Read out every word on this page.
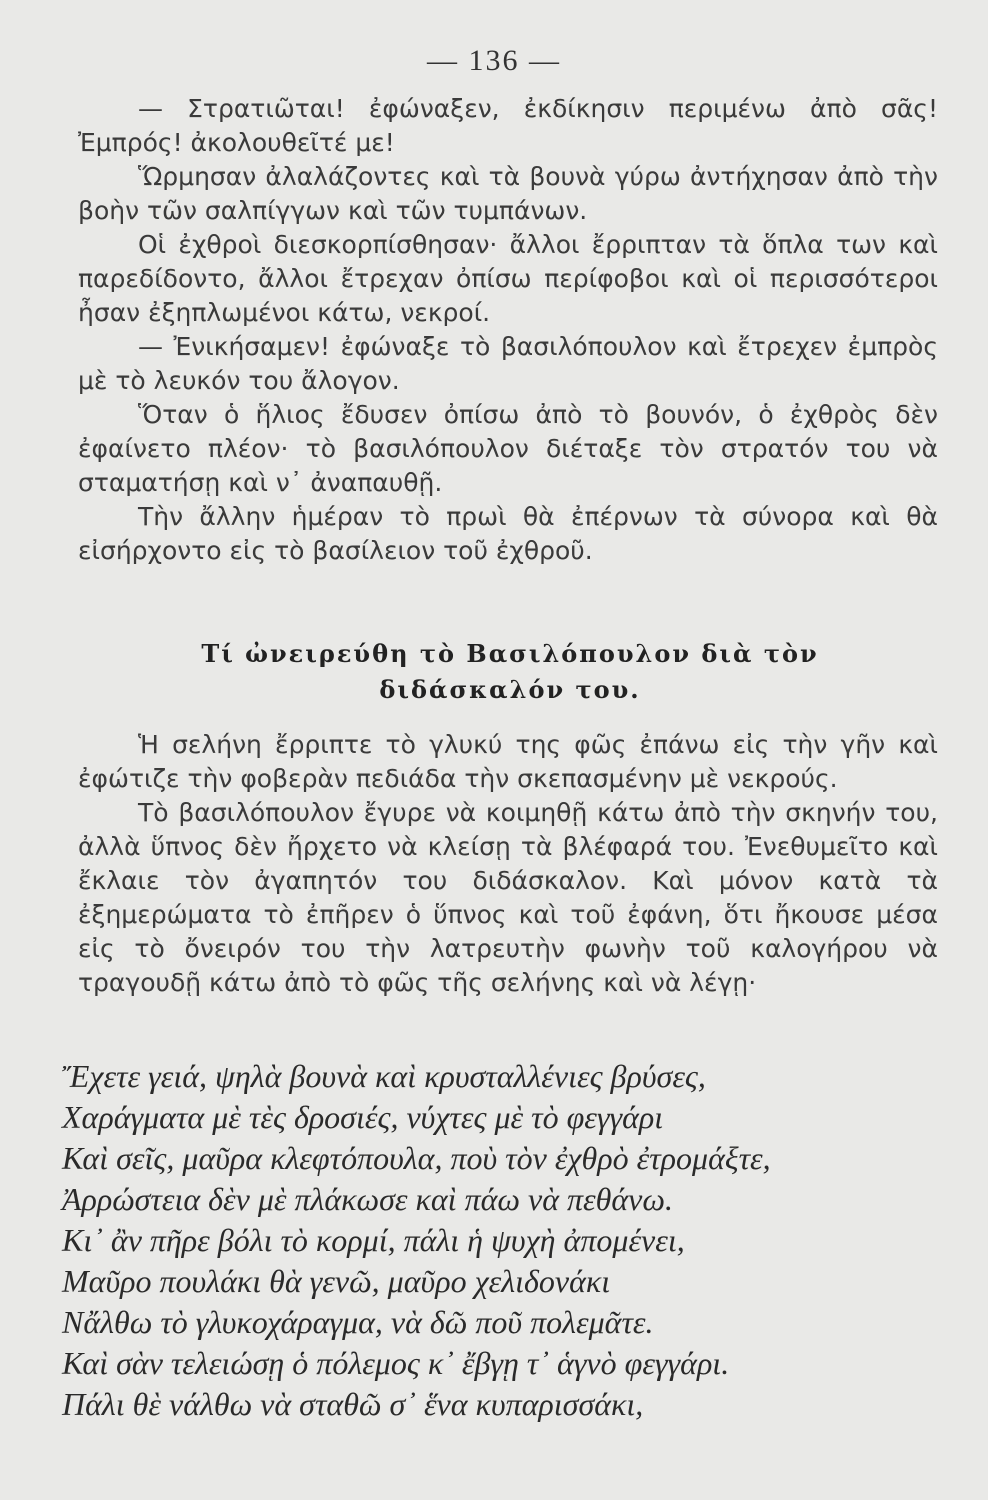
— 136 —

— Στρατιῶται! ἐφώναξεν, ἐκδίκησιν περιμένω ἀπὸ σᾶς! Ἐμπρός! ἀκολουθεῖτέ με!

Ὥρμησαν ἀλαλάζοντες καὶ τὰ βουνὰ γύρω ἀντήχησαν ἀπὸ τὴν βοὴν τῶν σαλπίγγων καὶ τῶν τυμπάνων.

Οἱ ἐχθροὶ διεσκορπίσθησαν· ἄλλοι ἔρριπταν τὰ ὅπλα των καὶ παρεδίδοντο, ἄλλοι ἔτρεχαν ὀπίσω περίφοβοι καὶ οἱ περισσότεροι ἦσαν ἐξηπλωμένοι κάτω, νεκροί.

— Ἐνικήσαμεν! ἐφώναξε τὸ βασιλόπουλον καὶ ἔτρεχεν ἐμπρὸς μὲ τὸ λευκόν του ἄλογον.

Ὅταν ὁ ἥλιος ἔδυσεν ὀπίσω ἀπὸ τὸ βουνόν, ὁ ἐχθρὸς δὲν ἐφαίνετο πλέον· τὸ βασιλόπουλον διέταξε τὸν στρατόν του νὰ σταματήσῃ καὶ ν᾽ ἀναπαυθῇ.

Τὴν ἄλλην ἡμέραν τὸ πρωὶ θὰ ἐπέρνων τὰ σύνορα καὶ θὰ εἰσήρχοντο εἰς τὸ βασίλειον τοῦ ἐχθροῦ.

Τί ὠνειρεύθη τὸ Βασιλόπουλον διὰ τὸν
διδάσκαλόν του.

Ἡ σελήνη ἔρριπτε τὸ γλυκύ της φῶς ἐπάνω εἰς τὴν γῆν καὶ ἐφώτιζε τὴν φοβερὰν πεδιάδα τὴν σκεπασμένην μὲ νεκρούς.

Τὸ βασιλόπουλον ἔγυρε νὰ κοιμηθῇ κάτω ἀπὸ τὴν σκηνήν του, ἀλλὰ ὕπνος δὲν ἤρχετο νὰ κλείσῃ τὰ βλέφαρά του. Ἐνεθυμεῖτο καὶ ἔκλαιε τὸν ἀγαπητόν του διδάσκαλον. Καὶ μόνον κατὰ τὰ ἐξημερώματα τὸ ἐπῆρεν ὁ ὕπνος καὶ τοῦ ἐφάνη, ὅτι ἤκουσε μέσα εἰς τὸ ὄνειρόν του τὴν λατρευτὴν φωνὴν τοῦ καλογήρου νὰ τραγουδῇ κάτω ἀπὸ τὸ φῶς τῆς σελήνης καὶ νὰ λέγῃ·

Ἔχετε γειά, ψηλὰ βουνὰ καὶ κρυσταλλένιες βρύσες,
Χαράγματα μὲ τὲς δροσιές, νύχτες μὲ τὸ φεγγάρι
Καὶ σεῖς, μαῦρα κλεφτόπουλα, ποὺ τὸν ἐχθρὸ ἐτρομάξτε,
Ἀρρώστεια δὲν μὲ πλάκωσε καὶ πάω νὰ πεθάνω.
Κι᾽ ἂν πῆρε βόλι τὸ κορμί, πάλι ἡ ψυχὴ ἀπομένει,
Μαῦρο πουλάκι θὰ γενῶ, μαῦρο χελιδονάκι
Νἄλθω τὸ γλυκοχάραγμα, νὰ δῶ ποῦ πολεμᾶτε.
Καὶ σὰν τελειώσῃ ὁ πόλεμος κ᾽ ἔβγῃ τ᾽ ἁγνὸ φεγγάρι.
Πάλι θὲ νάλθω νὰ σταθῶ σ᾽ ἕνα κυπαρισσάκι,
